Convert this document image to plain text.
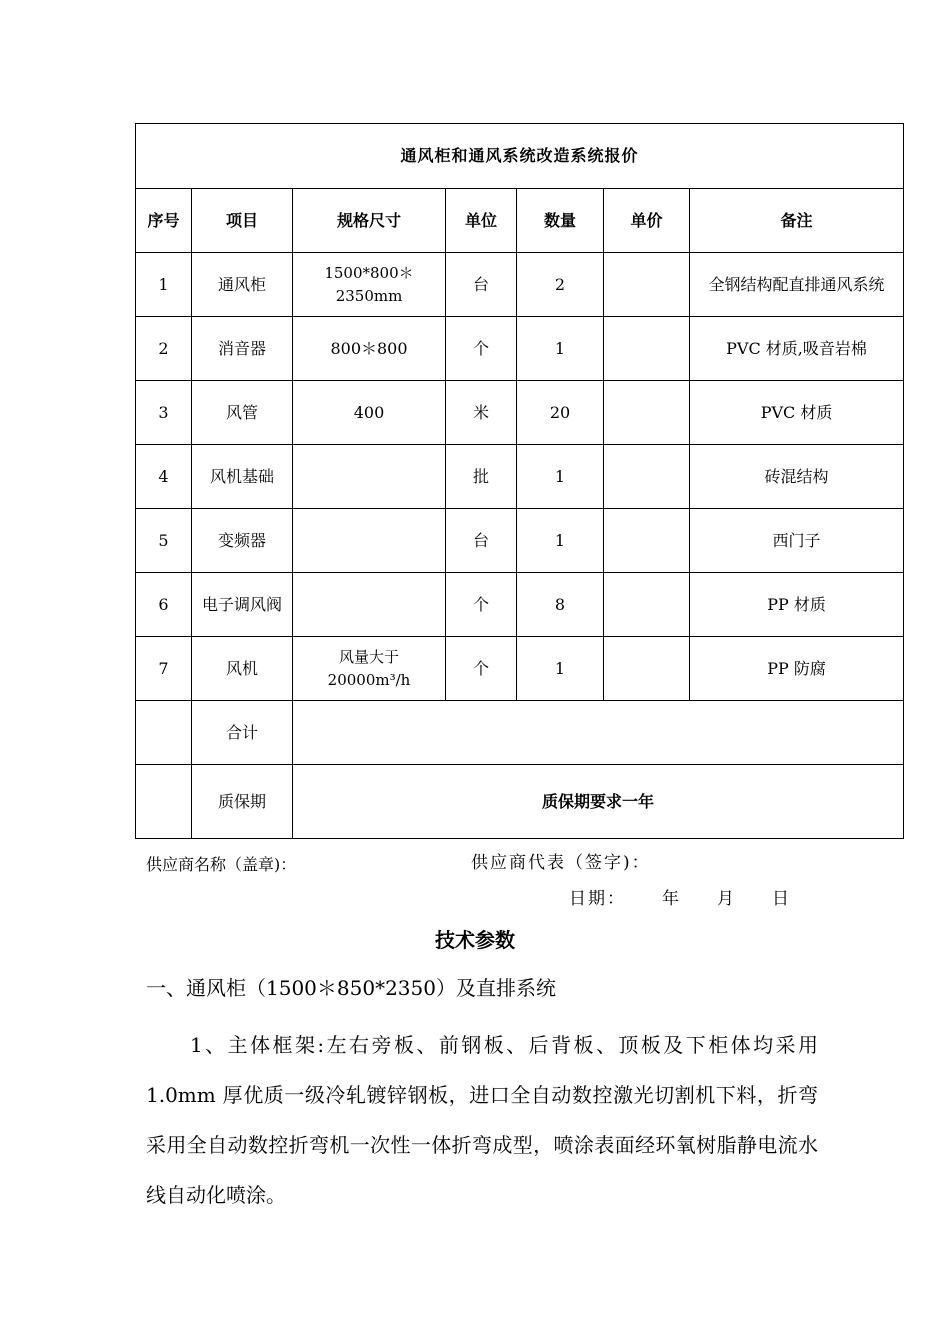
通风柜和通风系统改造系统报价						
序号	项目	规格尺寸	单位	数量	单价	备注
1	通风柜	1500*800＊2350mm	台	2		全钢结构配直排通风系统
2	消音器	800＊800	个	1		PVC 材质,吸音岩棉
3	风管	400	米	20		PVC 材质
4	风机基础		批	1		砖混结构
5	变频器		台	1		西门子
6	电子调风阀		个	8		PP 材质
7	风机	风量大于 20000m³/h	个	1		PP 防腐
	合计					
	质保期	质保期要求一年				
供应商名称（盖章)：	供应商代表（签字)：
日期： 年 月 日
技术参数
一、通风柜（1500＊850*2350）及直排系统
1、主体框架:左右旁板、前钢板、后背板、顶板及下柜体均采用 1.0mm 厚优质一级冷轧镀锌钢板，进口全自动数控激光切割机下料，折弯采用全自动数控折弯机一次性一体折弯成型，喷涂表面经环氧树脂静电流水线自动化喷涂。
